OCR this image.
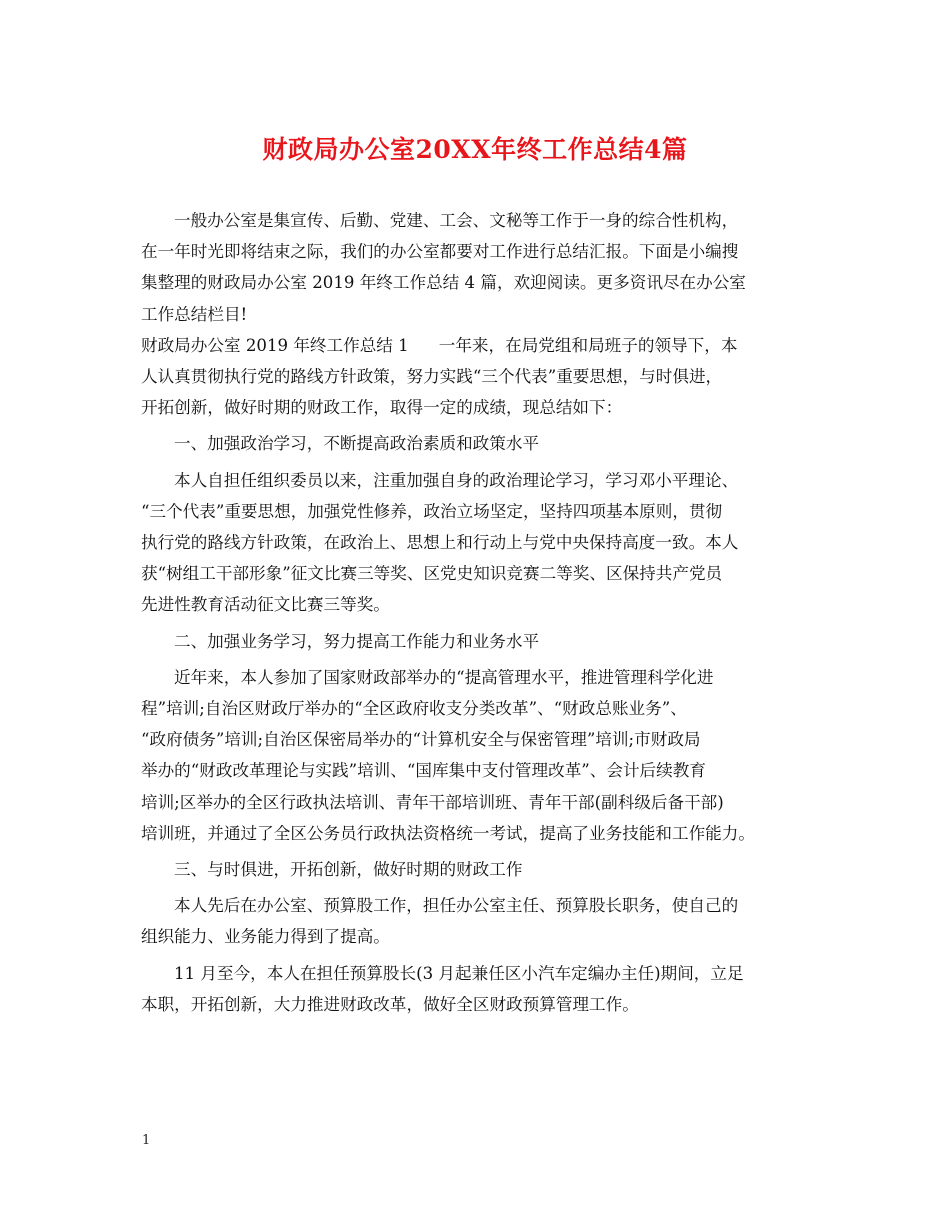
财政局办公室20XX年终工作总结4篇
一般办公室是集宣传、后勤、党建、工会、文秘等工作于一身的综合性机构，
在一年时光即将结束之际，我们的办公室都要对工作进行总结汇报。下面是小编搜
集整理的财政局办公室 2019 年终工作总结 4 篇，欢迎阅读。更多资讯尽在办公室
工作总结栏目!
财政局办公室 2019 年终工作总结 1 一年来，在局党组和局班子的领导下，本
人认真贯彻执行党的路线方针政策，努力实践“三个代表”重要思想，与时俱进，
开拓创新，做好时期的财政工作，取得一定的成绩，现总结如下：
一、加强政治学习，不断提高政治素质和政策水平
本人自担任组织委员以来，注重加强自身的政治理论学习，学习邓小平理论、
“三个代表”重要思想，加强党性修养，政治立场坚定，坚持四项基本原则，贯彻
执行党的路线方针政策，在政治上、思想上和行动上与党中央保持高度一致。本人
获“树组工干部形象”征文比赛三等奖、区党史知识竞赛二等奖、区保持共产党员
先进性教育活动征文比赛三等奖。
二、加强业务学习，努力提高工作能力和业务水平
近年来，本人参加了国家财政部举办的“提高管理水平，推进管理科学化进
程”培训;自治区财政厅举办的“全区政府收支分类改革”、“财政总账业务”、
“政府债务”培训;自治区保密局举办的“计算机安全与保密管理”培训;市财政局
举办的“财政改革理论与实践”培训、“国库集中支付管理改革”、会计后续教育
培训;区举办的全区行政执法培训、青年干部培训班、青年干部(副科级后备干部)
培训班，并通过了全区公务员行政执法资格统一考试，提高了业务技能和工作能力。
三、与时俱进，开拓创新，做好时期的财政工作
本人先后在办公室、预算股工作，担任办公室主任、预算股长职务，使自己的
组织能力、业务能力得到了提高。
11 月至今，本人在担任预算股长(3 月起兼任区小汽车定编办主任)期间，立足
本职，开拓创新，大力推进财政改革，做好全区财政预算管理工作。
1
